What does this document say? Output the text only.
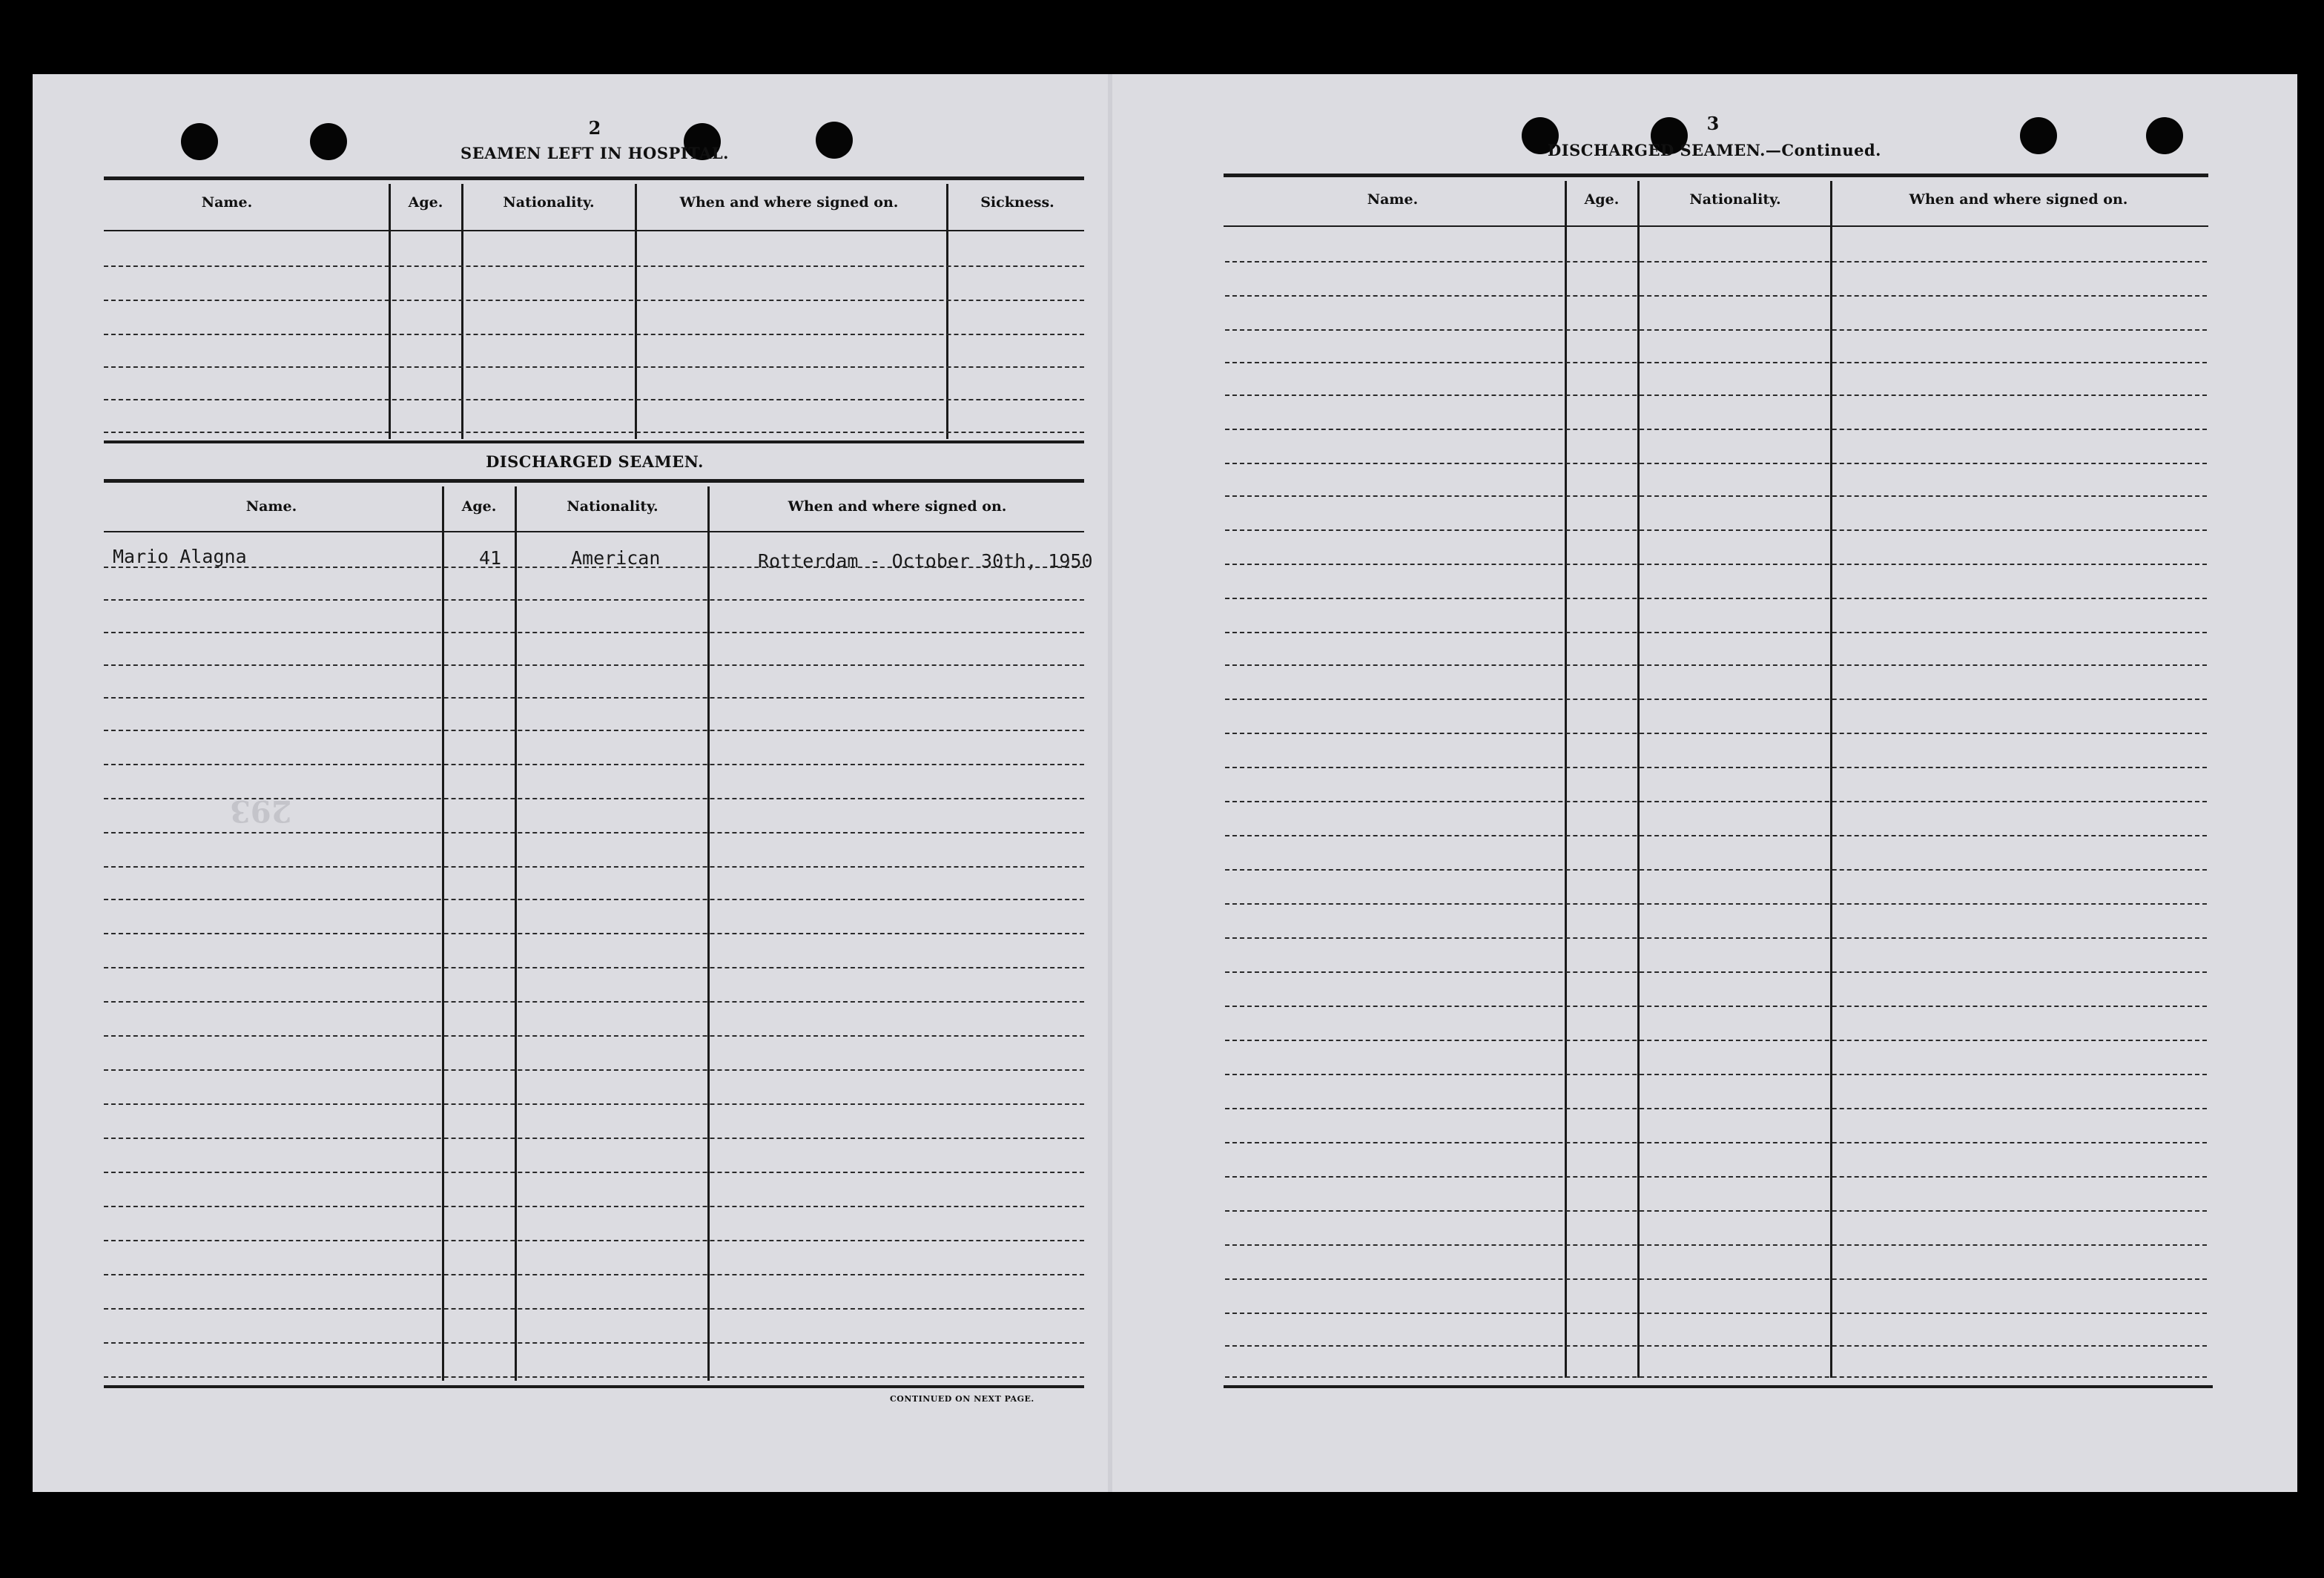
2
SEAMEN LEFT IN HOSPITAL.
Name.	Age.	Nationality.	When and where signed on.	Sickness.
DISCHARGED SEAMEN.
Name.	Age.	Nationality.	When and where signed on.
Mario Alagna	41	American	Rotterdam - October 30th, 1950
293
CONTINUED ON NEXT PAGE.
3
DISCHARGED SEAMEN.—Continued.
Name.	Age.	Nationality.	When and where signed on.
